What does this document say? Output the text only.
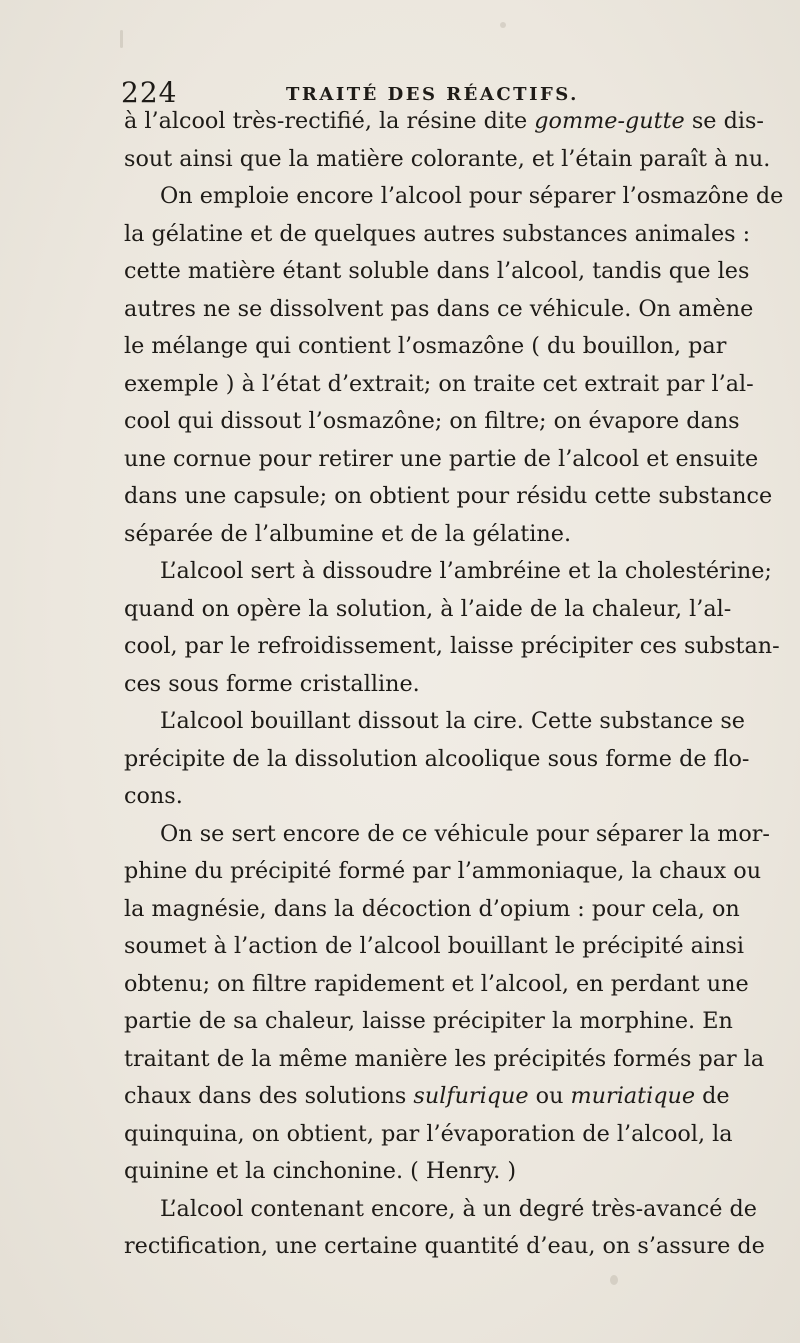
224	TRAITÉ DES RÉACTIFS.
à l’alcool très-rectifié, la résine dite gomme-gutte se dis-
sout ainsi que la matière colorante, et l’étain paraît à nu.
On emploie encore l’alcool pour séparer l’osmazône de
la gélatine et de quelques autres substances animales :
cette matière étant soluble dans l’alcool, tandis que les
autres ne se dissolvent pas dans ce véhicule. On amène
le mélange qui contient l’osmazône ( du bouillon, par
exemple ) à l’état d’extrait; on traite cet extrait par l’al-
cool qui dissout l’osmazône; on filtre; on évapore dans
une cornue pour retirer une partie de l’alcool et ensuite
dans une capsule; on obtient pour résidu cette substance
séparée de l’albumine et de la gélatine.
L’alcool sert à dissoudre l’ambréine et la cholestérine;
quand on opère la solution, à l’aide de la chaleur, l’al-
cool, par le refroidissement, laisse précipiter ces substan-
ces sous forme cristalline.
L’alcool bouillant dissout la cire. Cette substance se
précipite de la dissolution alcoolique sous forme de flo-
cons.
On se sert encore de ce véhicule pour séparer la mor-
phine du précipité formé par l’ammoniaque, la chaux ou
la magnésie, dans la décoction d’opium : pour cela, on
soumet à l’action de l’alcool bouillant le précipité ainsi
obtenu; on filtre rapidement et l’alcool, en perdant une
partie de sa chaleur, laisse précipiter la morphine. En
traitant de la même manière les précipités formés par la
chaux dans des solutions sulfurique ou muriatique de
quinquina, on obtient, par l’évaporation de l’alcool, la
quinine et la cinchonine. ( Henry. )
L’alcool contenant encore, à un degré très-avancé de
rectification, une certaine quantité d’eau, on s’assure de
